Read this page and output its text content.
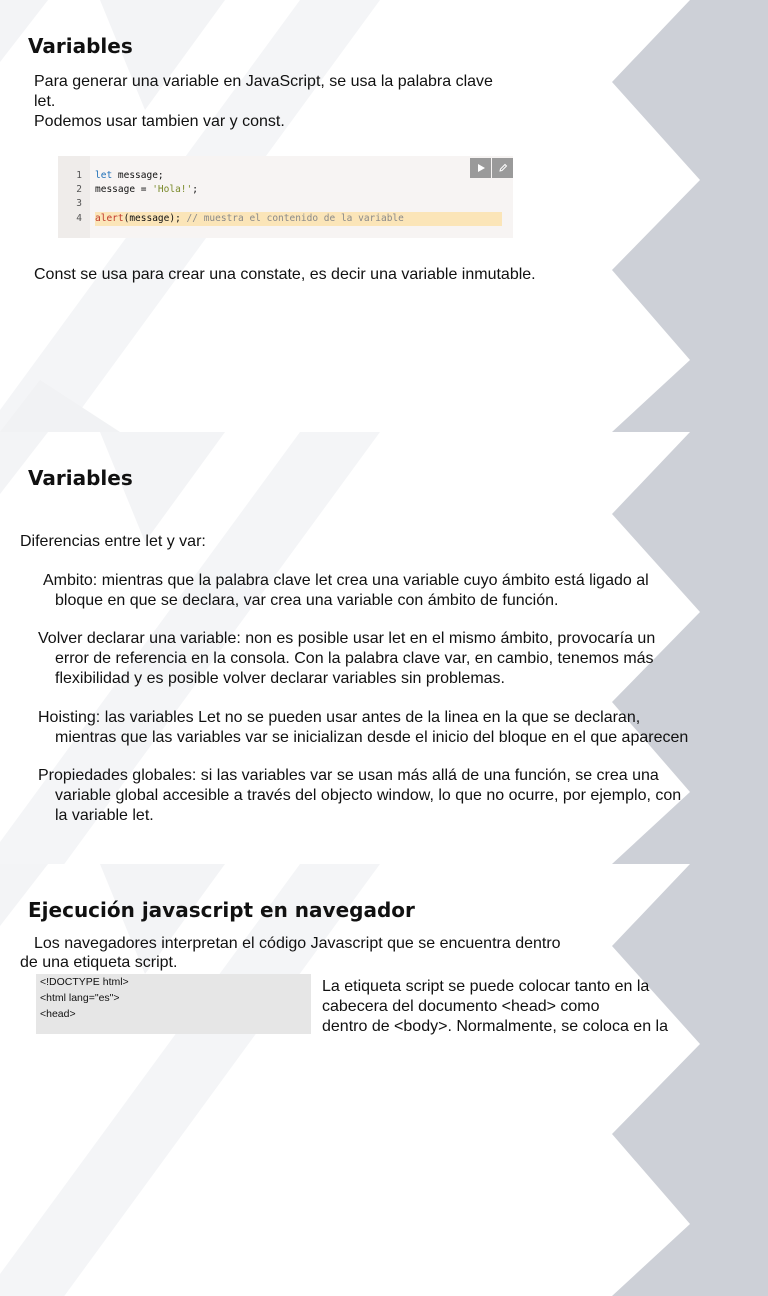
Variables

Para generar una variable en JavaScript, se usa la palabra clave

let.

Podemos usar tambien var y const.

1 let message;
2 message = 'Hola!';
3
4 alert(message); // muestra el contenido de la variable

Const se usa para crear una constate, es decir una variable inmutable.

Variables

Diferencias entre let y var:

Ambito: mientras que la palabra clave let crea una variable cuyo ámbito está ligado al

bloque en que se declara, var crea una variable con ámbito de función.

Volver declarar una variable: non es posible usar let en el mismo ámbito, provocaría un

error de referencia en la consola. Con la palabra clave var, en cambio, tenemos más

flexibilidad y es posible volver declarar variables sin problemas.

Hoisting: las variables Let no se pueden usar antes de la linea en la que se declaran,

mientras que las variables var se inicializan desde el inicio del bloque en el que aparecen

Propiedades globales: si las variables var se usan más allá de una función, se crea una

variable global accesible a través del objecto window, lo que no ocurre, por ejemplo, con

la variable let.

Ejecución javascript en navegador

Los navegadores interpretan el código Javascript que se encuentra dentro

de una etiqueta script.

<!DOCTYPE html>
<html lang="es">
<head>

La etiqueta script se puede colocar tanto en la

cabecera del documento <head> como

dentro de <body>. Normalmente, se coloca en la
